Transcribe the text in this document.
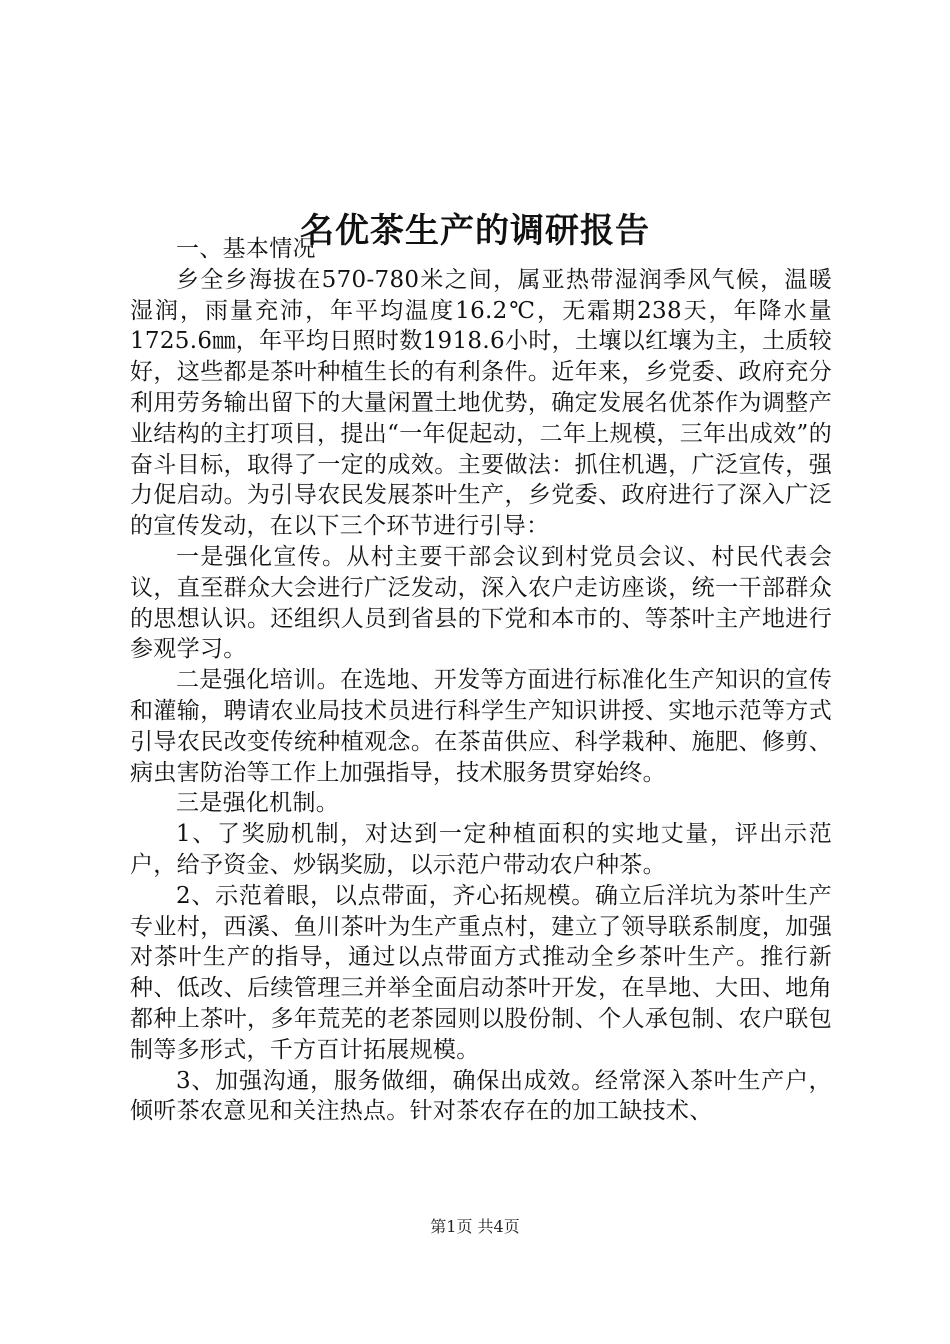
名优茶生产的调研报告

一、基本情况

乡全乡海拔在570-780米之间，属亚热带湿润季风气候，温暖湿润，雨量充沛，年平均温度16.2℃，无霜期238天，年降水量1725.6㎜，年平均日照时数1918.6小时，土壤以红壤为主，土质较好，这些都是茶叶种植生长的有利条件。近年来，乡党委、政府充分利用劳务输出留下的大量闲置土地优势，确定发展名优茶作为调整产业结构的主打项目，提出“一年促起动，二年上规模，三年出成效”的奋斗目标，取得了一定的成效。主要做法：抓住机遇，广泛宣传，强力促启动。为引导农民发展茶叶生产，乡党委、政府进行了深入广泛的宣传发动，在以下三个环节进行引导：

一是强化宣传。从村主要干部会议到村党员会议、村民代表会议，直至群众大会进行广泛发动，深入农户走访座谈，统一干部群众的思想认识。还组织人员到省县的下党和本市的、等茶叶主产地进行参观学习。

二是强化培训。在选地、开发等方面进行标准化生产知识的宣传和灌输，聘请农业局技术员进行科学生产知识讲授、实地示范等方式引导农民改变传统种植观念。在茶苗供应、科学栽种、施肥、修剪、病虫害防治等工作上加强指导，技术服务贯穿始终。

三是强化机制。

1、了奖励机制，对达到一定种植面积的实地丈量，评出示范户，给予资金、炒锅奖励，以示范户带动农户种茶。

2、示范着眼，以点带面，齐心拓规模。确立后洋坑为茶叶生产专业村，西溪、鱼川茶叶为生产重点村，建立了领导联系制度，加强对茶叶生产的指导，通过以点带面方式推动全乡茶叶生产。推行新种、低改、后续管理三并举全面启动茶叶开发，在旱地、大田、地角都种上茶叶，多年荒芜的老茶园则以股份制、个人承包制、农户联包制等多形式，千方百计拓展规模。

3、加强沟通，服务做细，确保出成效。经常深入茶叶生产户，倾听茶农意见和关注热点。针对茶农存在的加工缺技术、

第1页 共4页
